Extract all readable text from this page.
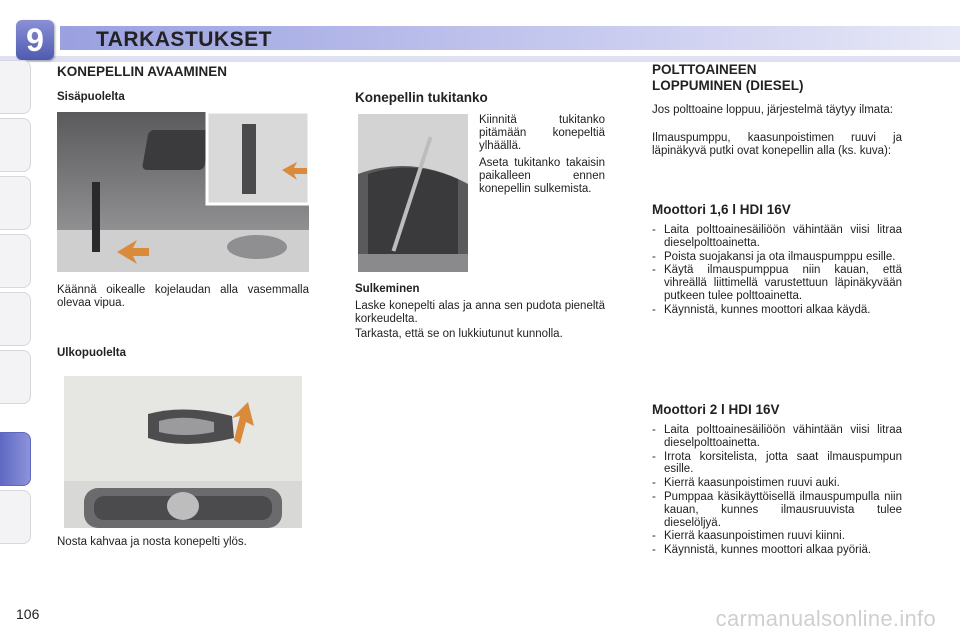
9	TARKASTUKSET
KONEPELLIN AVAAMINEN
Sisäpuolelta
Käännä oikealle kojelaudan alla vasemmalla olevaa vipua.
Ulkopuolelta
Nosta kahvaa ja nosta konepelti ylös.
Konepellin tukitanko
Kiinnitä tukitanko pitämään konepeltiä ylhäällä.
Aseta tukitanko takaisin paikalleen ennen konepellin sulkemista.
Sulkeminen
Laske konepelti alas ja anna sen pudota pieneltä korkeudelta.
Tarkasta, että se on lukkiutunut kunnolla.
POLTTOAINEEN
LOPPUMINEN (DIESEL)
Jos polttoaine loppuu, järjestelmä täytyy ilmata:
Ilmauspumppu, kaasunpoistimen ruuvi ja läpinäkyvä putki ovat konepellin alla (ks. kuva):
Moottori 1,6 l HDI 16V
- Laita polttoainesäiliöön vähintään viisi litraa dieselpolttoainetta.
- Poista suojakansi ja ota ilmauspumppu esille.
- Käytä ilmauspumppua niin kauan, että vihreällä liittimellä varustettuun läpinäkyvään putkeen tulee polttoainetta.
- Käynnistä, kunnes moottori alkaa käydä.
Moottori 2 l HDI 16V
- Laita polttoainesäiliöön vähintään viisi litraa dieselpolttoainetta.
- Irrota korsitelista, jotta saat ilmauspumpun esille.
- Kierrä kaasunpoistimen ruuvi auki.
- Pumppaa käsikäyttöisellä ilmauspumpulla niin kauan, kunnes ilmausruuvista tulee dieselöljyä.
- Kierrä kaasunpoistimen ruuvi kiinni.
- Käynnistä, kunnes moottori alkaa pyöriä.
106	carmanualsonline.info
